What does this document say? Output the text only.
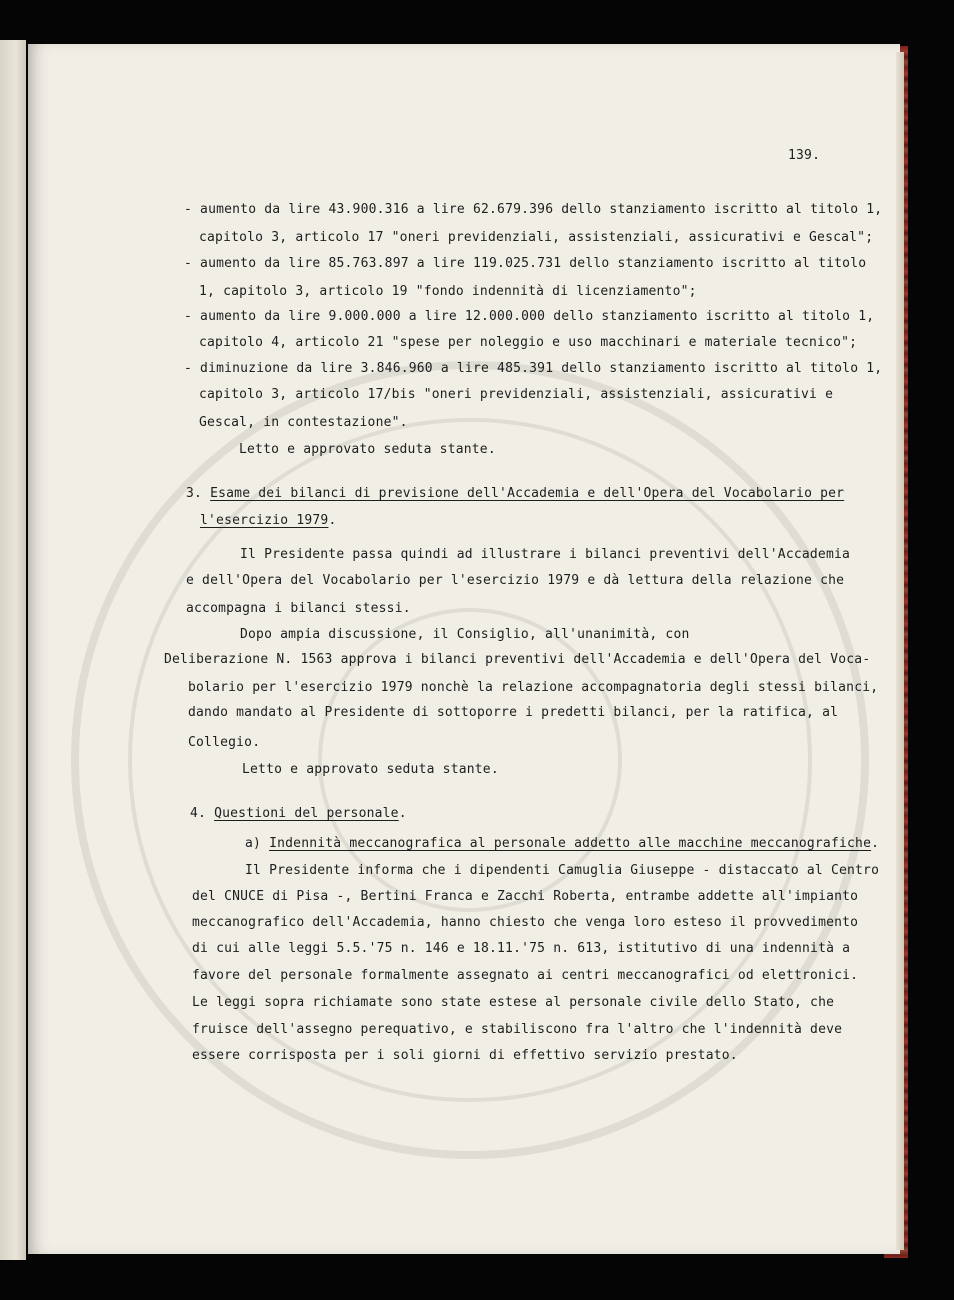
139.
- aumento da lire 43.900.316 a lire 62.679.396 dello stanziamento iscritto al titolo 1,
capitolo 3, articolo 17 "oneri previdenziali, assistenziali, assicurativi e Gescal";
- aumento da lire 85.763.897 a lire 119.025.731 dello stanziamento iscritto al titolo
1, capitolo 3, articolo 19 "fondo indennità di licenziamento";
- aumento da lire 9.000.000 a lire 12.000.000 dello stanziamento iscritto al titolo 1,
capitolo 4, articolo 21 "spese per noleggio e uso macchinari e materiale tecnico";
- diminuzione da lire 3.846.960 a lire 485.391 dello stanziamento iscritto al titolo 1,
capitolo 3, articolo 17/bis "oneri previdenziali, assistenziali, assicurativi e
Gescal, in contestazione".
Letto e approvato seduta stante.
3. Esame dei bilanci di previsione dell'Accademia e dell'Opera del Vocabolario per
l'esercizio 1979.
Il Presidente passa quindi ad illustrare i bilanci preventivi dell'Accademia
e dell'Opera del Vocabolario per l'esercizio 1979 e dà lettura della relazione che
accompagna i bilanci stessi.
Dopo ampia discussione, il Consiglio, all'unanimità, con
Deliberazione N. 1563 approva i bilanci preventivi dell'Accademia e dell'Opera del Voca-
bolario per l'esercizio 1979 nonchè la relazione accompagnatoria degli stessi bilanci,
dando mandato al Presidente di sottoporre i predetti bilanci, per la ratifica, al
Collegio.
Letto e approvato seduta stante.
4. Questioni del personale.
a) Indennità meccanografica al personale addetto alle macchine meccanografiche.
Il Presidente informa che i dipendenti Camuglia Giuseppe - distaccato al Centro
del CNUCE di Pisa -, Bertini Franca e Zacchi Roberta, entrambe addette all'impianto
meccanografico dell'Accademia, hanno chiesto che venga loro esteso il provvedimento
di cui alle leggi 5.5.'75 n. 146 e 18.11.'75 n. 613, istitutivo di una indennità a
favore del personale formalmente assegnato ai centri meccanografici od elettronici.
Le leggi sopra richiamate sono state estese al personale civile dello Stato, che
fruisce dell'assegno perequativo, e stabiliscono fra l'altro che l'indennità deve
essere corrisposta per i soli giorni di effettivo servizio prestato.
